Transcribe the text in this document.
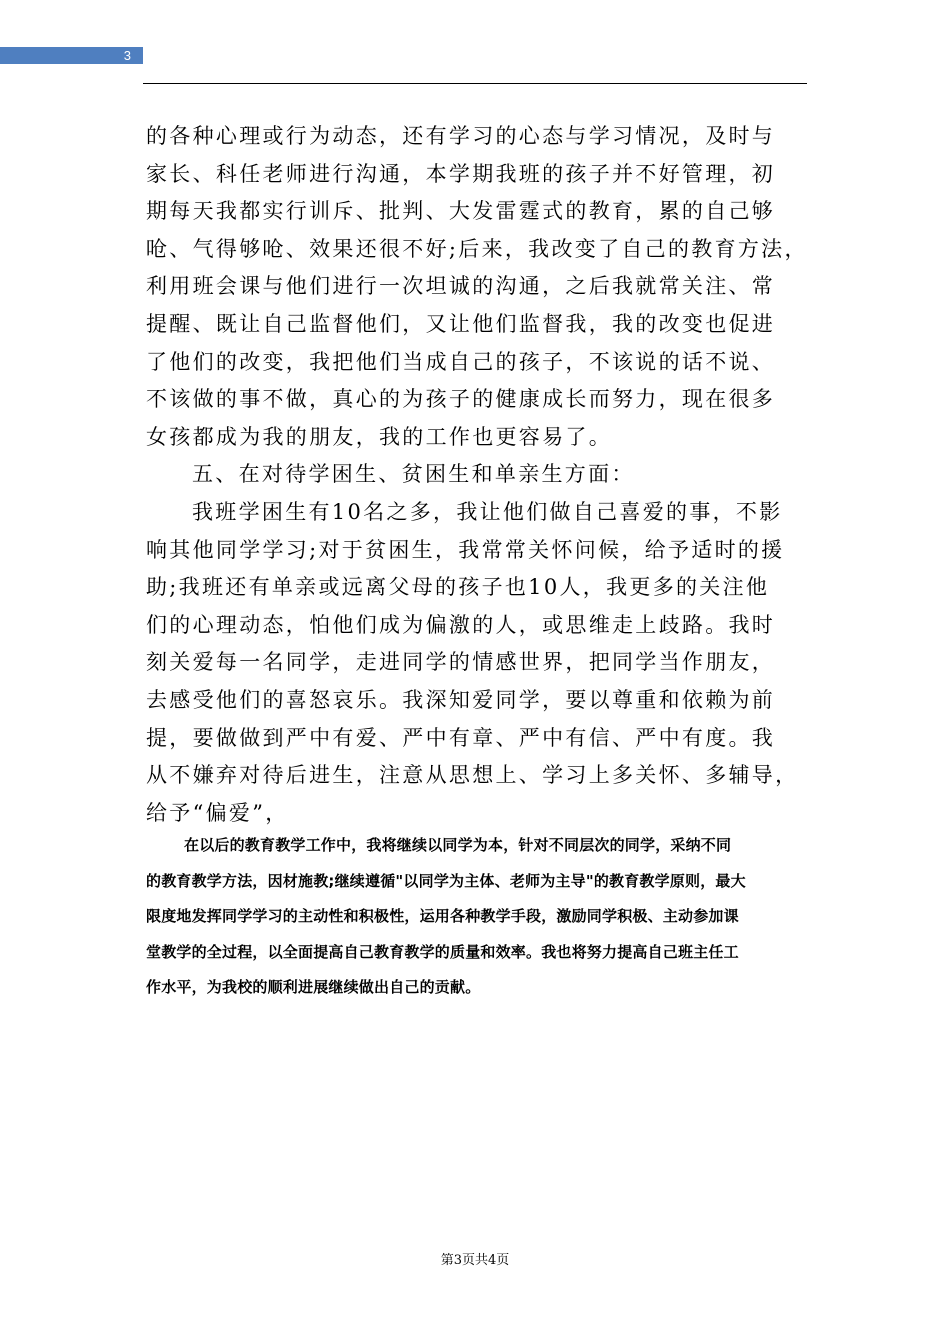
3
的各种心理或行为动态，还有学习的心态与学习情况，及时与
家长、科任老师进行沟通，本学期我班的孩子并不好管理，初
期每天我都实行训斥、批判、大发雷霆式的教育，累的自己够
呛、气得够呛、效果还很不好;后来，我改变了自己的教育方法，
利用班会课与他们进行一次坦诚的沟通，之后我就常关注、常
提醒、既让自己监督他们，又让他们监督我，我的改变也促进
了他们的改变，我把他们当成自己的孩子，不该说的话不说、
不该做的事不做，真心的为孩子的健康成长而努力，现在很多
女孩都成为我的朋友，我的工作也更容易了。
五、在对待学困生、贫困生和单亲生方面：
我班学困生有10名之多，我让他们做自己喜爱的事，不影
响其他同学学习;对于贫困生，我常常关怀问候，给予适时的援
助;我班还有单亲或远离父母的孩子也10人，我更多的关注他
们的心理动态，怕他们成为偏激的人，或思维走上歧路。我时
刻关爱每一名同学，走进同学的情感世界，把同学当作朋友，
去感受他们的喜怒哀乐。我深知爱同学，要以尊重和依赖为前
提，要做做到严中有爱、严中有章、严中有信、严中有度。我
从不嫌弃对待后进生，注意从思想上、学习上多关怀、多辅导，
给予“偏爱”，
在以后的教育教学工作中，我将继续以同学为本，针对不同层次的同学，采纳不同
的教育教学方法，因材施教;继续遵循"以同学为主体、老师为主导"的教育教学原则，最大
限度地发挥同学学习的主动性和积极性，运用各种教学手段，激励同学积极、主动参加课
堂教学的全过程，以全面提高自己教育教学的质量和效率。我也将努力提高自己班主任工
作水平，为我校的顺利进展继续做出自己的贡献。
第3页共4页
